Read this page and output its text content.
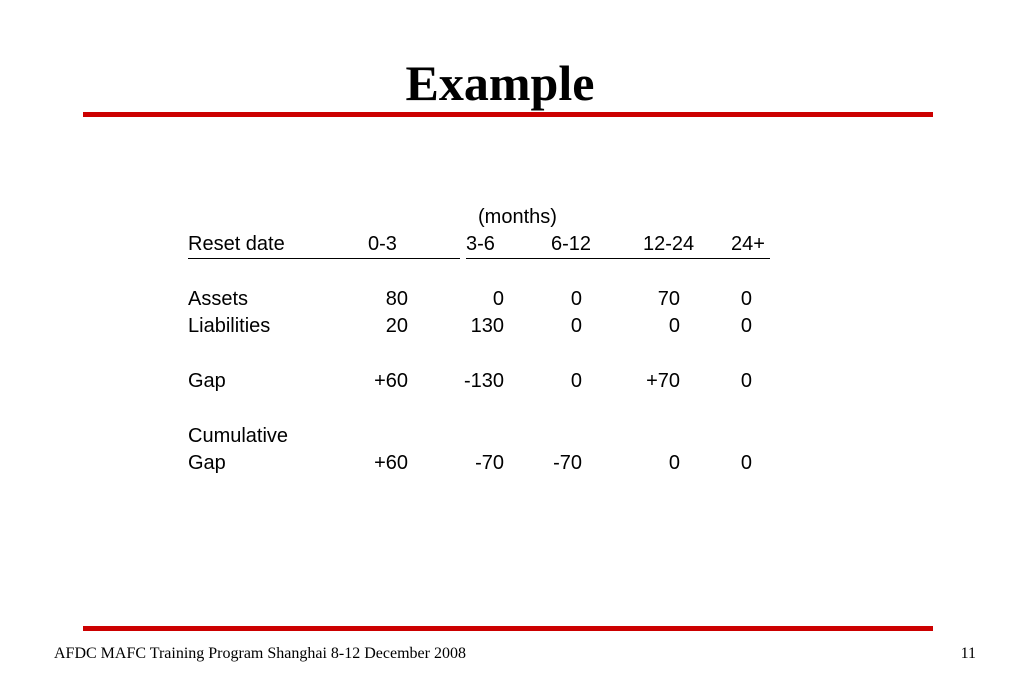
Example
(months)
Reset date	0-3	3-6	6-12	12-24 24+
Assets	80	0	0	70	0
Liabilities	20	130	0	0	0
Gap	+60	-130	0	+70	0
Cumulative
Gap	+60	-70	-70	0	0
AFDC MAFC Training Program Shanghai 8-12 December 2008	11
